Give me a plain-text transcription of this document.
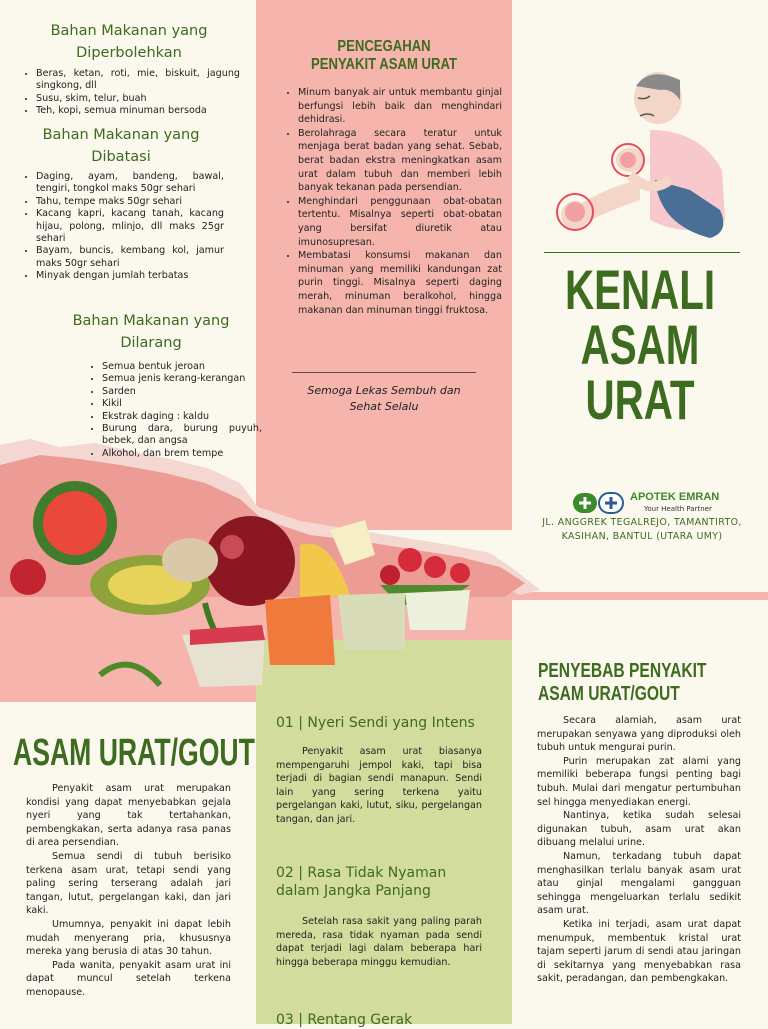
Bahan Makanan yang Diperbolehkan
• Beras, ketan, roti, mie, biskuit, jagung singkong, dll
• Susu, skim, telur, buah
• Teh, kopi, semua minuman bersoda
Bahan Makanan yang Dibatasi
• Daging, ayam, bandeng, bawal, tengiri, tongkol maks 50gr sehari
• Tahu, tempe maks 50gr sehari
• Kacang kapri, kacang tanah, kacang hijau, polong, mlinjo, dll maks 25gr sehari
• Bayam, buncis, kembang kol, jamur maks 50gr sehari
• Minyak dengan jumlah terbatas
Bahan Makanan yang Dilarang
• Semua bentuk jeroan
• Semua jenis kerang-kerangan
• Sarden
• Kikil
• Ekstrak daging : kaldu
• Burung dara, burung puyuh, bebek, dan angsa
• Alkohol, dan brem tempe
PENCEGAHAN
PENYAKIT ASAM URAT
• Minum banyak air untuk membantu ginjal berfungsi lebih baik dan menghindari dehidrasi.
• Berolahraga secara teratur untuk menjaga berat badan yang sehat. Sebab, berat badan ekstra meningkatkan asam urat dalam tubuh dan memberi lebih banyak tekanan pada persendian.
• Menghindari penggunaan obat-obatan tertentu. Misalnya seperti obat-obatan yang bersifat diuretik atau imunosupresan.
• Membatasi konsumsi makanan dan minuman yang memiliki kandungan zat purin tinggi. Misalnya seperti daging merah, minuman beralkohol, hingga makanan dan minuman tinggi fruktosa.
Semoga Lekas Sembuh dan
Sehat Selalu
KENALI
ASAM
URAT
APOTEK EMRAN
Your Health Partner
JL. ANGGREK TEGALREJO, TAMANTIRTO,
KASIHAN, BANTUL (UTARA UMY)
ASAM URAT/GOUT

Penyakit asam urat merupakan kondisi yang dapat menyebabkan gejala nyeri yang tak tertahankan, pembengkakan, serta adanya rasa panas di area persendian.

Semua sendi di tubuh berisiko terkena asam urat, tetapi sendi yang paling sering terserang adalah jari tangan, lutut, pergelangan kaki, dan jari kaki.

Umumnya, penyakit ini dapat lebih mudah menyerang pria, khususnya mereka yang berusia di atas 30 tahun.

Pada wanita, penyakit asam urat ini dapat muncul setelah terkena menopause.

01 | Nyeri Sendi yang Intens

Penyakit asam urat biasanya mempengaruhi jempol kaki, tapi bisa terjadi di bagian sendi manapun. Sendi lain yang sering terkena yaitu pergelangan kaki, lutut, siku, pergelangan tangan, dan jari.

02 | Rasa Tidak Nyaman dalam Jangka Panjang

Setelah rasa sakit yang paling parah mereda, rasa tidak nyaman pada sendi dapat terjadi lagi dalam beberapa hari hingga beberapa minggu kemudian.

03 | Rentang Gerak
PENYEBAB PENYAKIT ASAM URAT/GOUT

Secara alamiah, asam urat merupakan senyawa yang diproduksi oleh tubuh untuk mengurai purin.

Purin merupakan zat alami yang memiliki beberapa fungsi penting bagi tubuh. Mulai dari mengatur pertumbuhan sel hingga menyediakan energi.

Nantinya, ketika sudah selesai digunakan tubuh, asam urat akan dibuang melalui urine.

Namun, terkadang tubuh dapat menghasilkan terlalu banyak asam urat atau ginjal mengalami gangguan sehingga mengeluarkan terlalu sedikit asam urat.

Ketika ini terjadi, asam urat dapat menumpuk, membentuk kristal urat tajam seperti jarum di sendi atau jaringan di sekitarnya yang menyebabkan rasa sakit, peradangan, dan pembengkakan.
